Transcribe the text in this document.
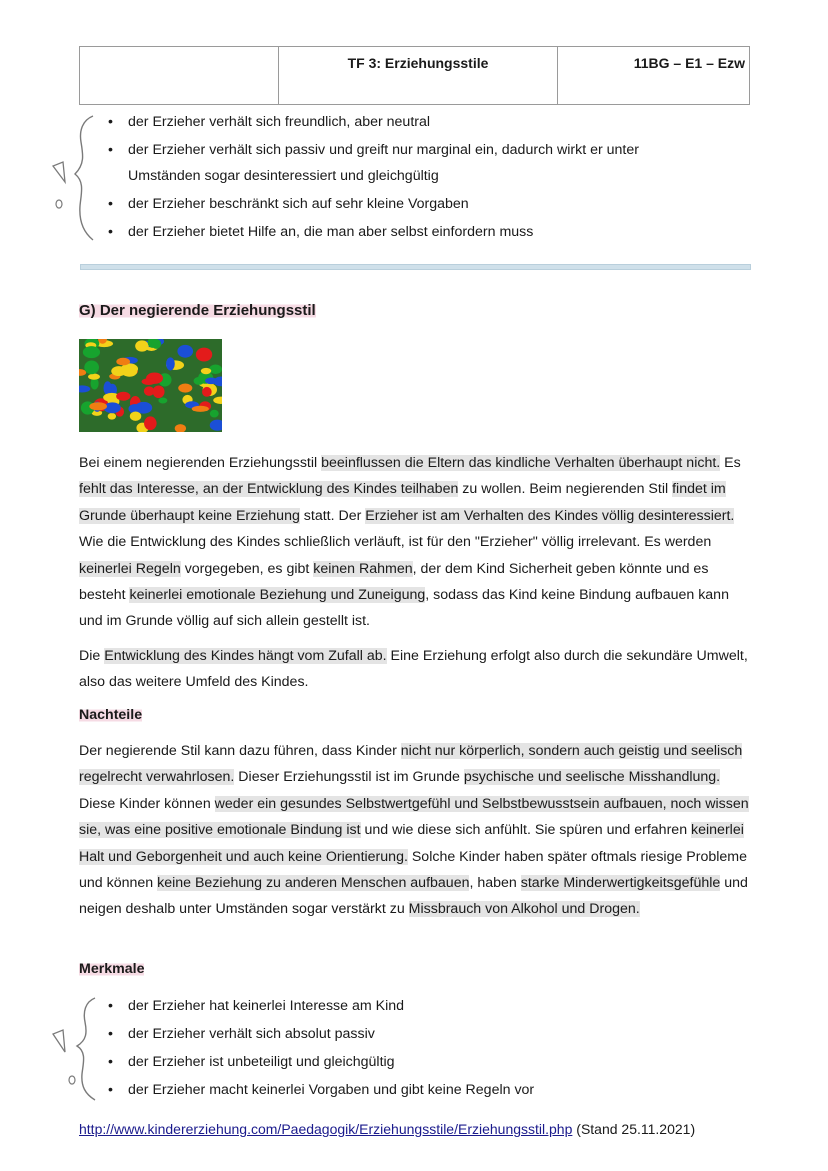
TF 3: Erziehungsstile	11BG – E1 – Ezw
• der Erzieher verhält sich freundlich, aber neutral
• der Erzieher verhält sich passiv und greift nur marginal ein, dadurch wirkt er unter
Umständen sogar desinteressiert und gleichgültig
• der Erzieher beschränkt sich auf sehr kleine Vorgaben
• der Erzieher bietet Hilfe an, die man aber selbst einfordern muss
G) Der negierende Erziehungsstil

Bei einem negierenden Erziehungsstil beeinflussen die Eltern das kindliche Verhalten überhaupt nicht. Es fehlt das Interesse, an der Entwicklung des Kindes teilhaben zu wollen. Beim negierenden Stil findet im Grunde überhaupt keine Erziehung statt. Der Erzieher ist am Verhalten des Kindes völlig desinteressiert. Wie die Entwicklung des Kindes schließlich verläuft, ist für den "Erzieher" völlig irrelevant. Es werden keinerlei Regeln vorgegeben, es gibt keinen Rahmen, der dem Kind Sicherheit geben könnte und es besteht keinerlei emotionale Beziehung und Zuneigung, sodass das Kind keine Bindung aufbauen kann und im Grunde völlig auf sich allein gestellt ist.

Die Entwicklung des Kindes hängt vom Zufall ab. Eine Erziehung erfolgt also durch die sekundäre Umwelt, also das weitere Umfeld des Kindes.

Nachteile

Der negierende Stil kann dazu führen, dass Kinder nicht nur körperlich, sondern auch geistig und seelisch regelrecht verwahrlosen. Dieser Erziehungsstil ist im Grunde psychische und seelische Misshandlung. Diese Kinder können weder ein gesundes Selbstwertgefühl und Selbstbewusstsein aufbauen, noch wissen sie, was eine positive emotionale Bindung ist und wie diese sich anfühlt. Sie spüren und erfahren keinerlei Halt und Geborgenheit und auch keine Orientierung. Solche Kinder haben später oftmals riesige Probleme und können keine Beziehung zu anderen Menschen aufbauen, haben starke Minderwertigkeitsgefühle und neigen deshalb unter Umständen sogar verstärkt zu Missbrauch von Alkohol und Drogen.

Merkmale
• der Erzieher hat keinerlei Interesse am Kind
• der Erzieher verhält sich absolut passiv
• der Erzieher ist unbeteiligt und gleichgültig
• der Erzieher macht keinerlei Vorgaben und gibt keine Regeln vor
http://www.kindererziehung.com/Paedagogik/Erziehungsstile/Erziehungsstil.php (Stand 25.11.2021)
